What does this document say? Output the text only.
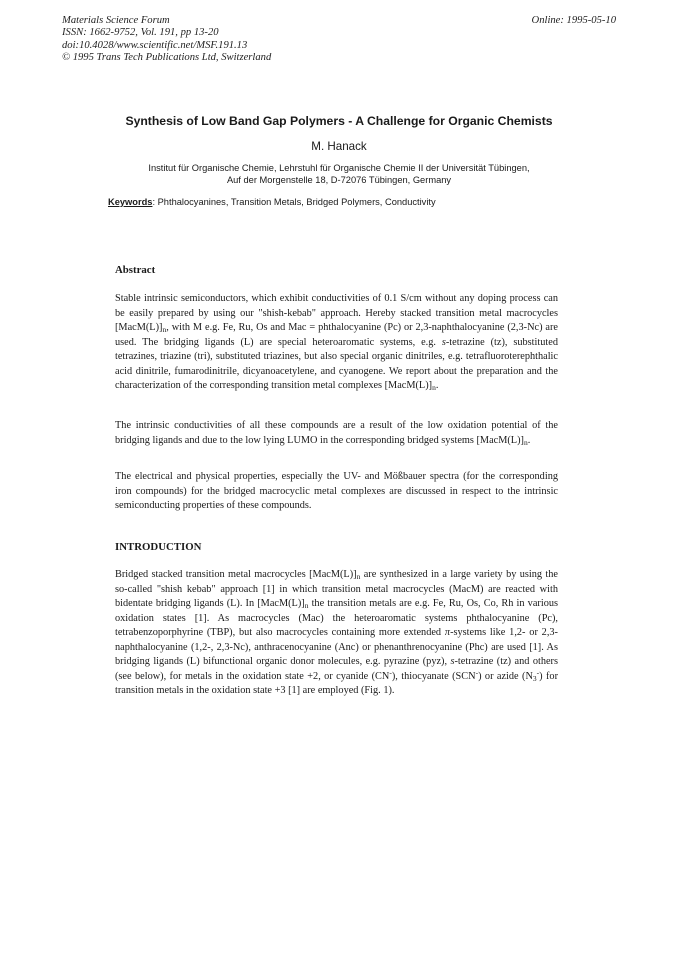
Materials Science Forum
ISSN: 1662-9752, Vol. 191, pp 13-20
doi:10.4028/www.scientific.net/MSF.191.13
© 1995 Trans Tech Publications Ltd, Switzerland
Online: 1995-05-10
Synthesis of Low Band Gap Polymers - A Challenge for Organic Chemists
M. Hanack
Institut für Organische Chemie, Lehrstuhl für Organische Chemie II der Universität Tübingen,
Auf der Morgenstelle 18, D-72076 Tübingen, Germany
Keywords: Phthalocyanines, Transition Metals, Bridged Polymers, Conductivity
Abstract
Stable intrinsic semiconductors, which exhibit conductivities of 0.1 S/cm without any doping process can be easily prepared by using our "shish-kebab" approach. Hereby stacked transition metal macrocycles $[MacM(L)]_n$, with M e.g. Fe, Ru, Os and Mac = phthalocyanine (Pc) or 2,3-naphthalocyanine (2,3-Nc) are used. The bridging ligands (L) are special heteroaromatic systems, e.g. s-tetrazine (tz), substituted tetrazines, triazine (tri), substituted triazines, but also special organic dinitriles, e.g. tetrafluoroterephthalic acid dinitrile, fumarodinitrile, dicyanoacetylene, and cyanogene. We report about the preparation and the characterization of the corresponding transition metal complexes $[MacM(L)]_n$.
The intrinsic conductivities of all these compounds are a result of the low oxidation potential of the bridging ligands and due to the low lying LUMO in the corresponding bridged systems $[MacM(L)]_n$.
The electrical and physical properties, especially the UV- and Mößbauer spectra (for the corresponding iron compounds) for the bridged macrocyclic metal complexes are discussed in respect to the intrinsic semiconducting properties of these compounds.
INTRODUCTION
Bridged stacked transition metal macrocycles $[MacM(L)]_n$ are synthesized in a large variety by using the so-called "shish kebab" approach [1] in which transition metal macrocycles (MacM) are reacted with bidentate bridging ligands (L). In $[MacM(L)]_n$ the transition metals are e.g. Fe, Ru, Os, Co, Rh in various oxidation states [1]. As macrocycles (Mac) the heteroaromatic systems phthalocyanine (Pc), tetrabenzoporphyrine (TBP), but also macrocycles containing more extended π-systems like 1,2- or 2,3-naphthalocyanine (1,2-, 2,3-Nc), anthracenocyanine (Anc) or phenanthrenocyanine (Phc) are used [1]. As bridging ligands (L) bifunctional organic donor molecules, e.g. pyrazine (pyz), s-tetrazine (tz) and others (see below), for metals in the oxidation state +2, or cyanide (CN-), thiocyanate (SCN-) or azide $(N_3^-)$ for transition metals in the oxidation state +3 [1] are employed (Fig. 1).
